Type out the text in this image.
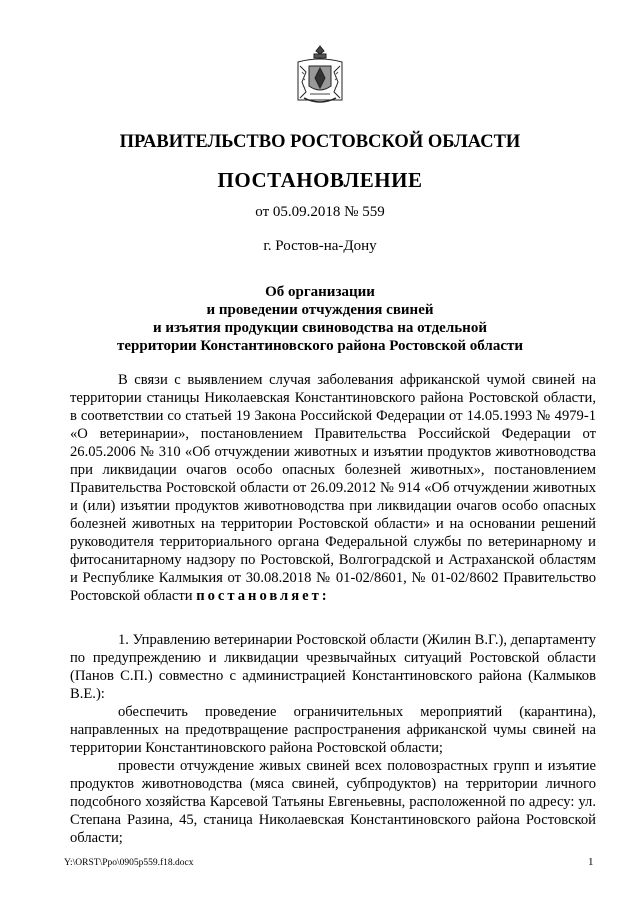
ПРАВИТЕЛЬСТВО РОСТОВСКОЙ ОБЛАСТИ
ПОСТАНОВЛЕНИЕ
от 05.09.2018 № 559
г. Ростов-на-Дону
Об организации
и проведении отчуждения свиней
и изъятия продукции свиноводства на отдельной
территории Константиновского района Ростовской области

В связи с выявлением случая заболевания африканской чумой свиней на территории станицы Николаевская Константиновского района Ростовской области, в соответствии со статьей 19 Закона Российской Федерации от 14.05.1993 № 4979-1 «О ветеринарии», постановлением Правительства Российской Федерации от 26.05.2006 № 310 «Об отчуждении животных и изъятии продуктов животноводства при ликвидации очагов особо опасных болезней животных», постановлением Правительства Ростовской области от 26.09.2012 № 914 «Об отчуждении животных и (или) изъятии продуктов животноводства при ликвидации очагов особо опасных болезней животных на территории Ростовской области» и на основании решений руководителя территориального органа Федеральной службы по ветеринарному и фитосанитарному надзору по Ростовской, Волгоградской и Астраханской областям и Республике Калмыкия от 30.08.2018 № 01-02/8601, № 01-02/8602 Правительство Ростовской области постановляет:

1. Управлению ветеринарии Ростовской области (Жилин В.Г.), департаменту по предупреждению и ликвидации чрезвычайных ситуаций Ростовской области (Панов С.П.) совместно с администрацией Константиновского района (Калмыков В.Е.):

обеспечить проведение ограничительных мероприятий (карантина), направленных на предотвращение распространения африканской чумы свиней на территории Константиновского района Ростовской области;

провести отчуждение живых свиней всех половозрастных групп и изъятие продуктов животноводства (мяса свиней, субпродуктов) на территории личного подсобного хозяйства Карсевой Татьяны Евгеньевны, расположенной по адресу: ул. Степана Разина, 45, станица Николаевская Константиновского района Ростовской области;

Y:\ORST\Ppo\0905p559.f18.docx	1
